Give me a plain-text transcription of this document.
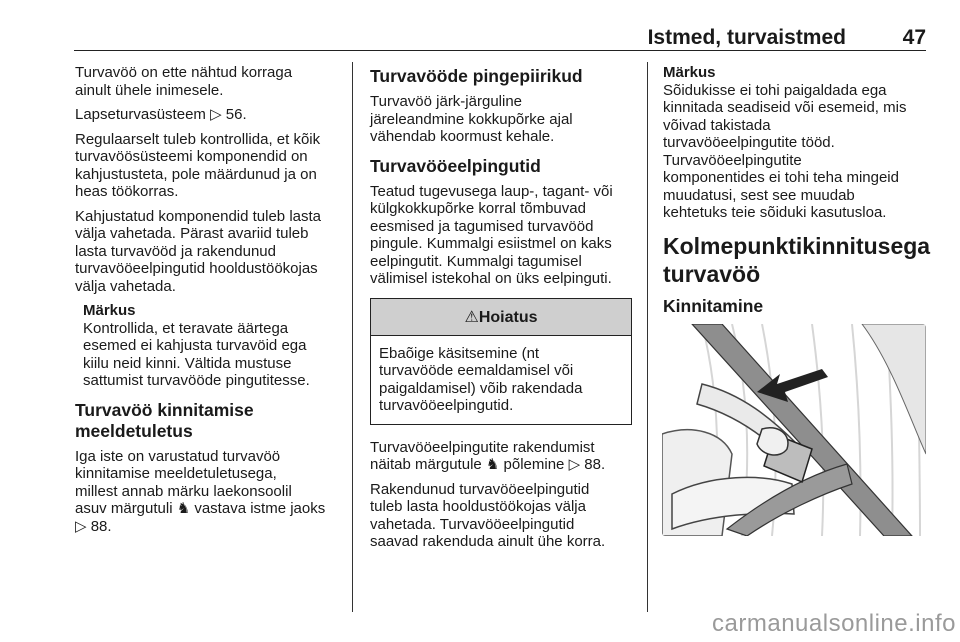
Istmed, turvaistmed	47

Turvavöö on ette nähtud korraga
ainult ühele inimesele.

Lapseturvasüsteem ▷ 56.

Regulaarselt tuleb kontrollida, et kõik
turvavöösüsteemi komponendid on
kahjustusteta, pole määrdunud ja on
heas töökorras.

Kahjustatud komponendid tuleb lasta
välja vahetada. Pärast avariid tuleb
lasta turvavööd ja rakendunud
turvavööeelpingutid hooldustöökojas
välja vahetada.

Märkus
Kontrollida, et teravate äärtega
esemed ei kahjusta turvavöid ega
kiilu neid kinni. Vältida mustuse
sattumist turvavööde pingutitesse.
Turvavöö kinnitamise
meeldetuletus

Iga iste on varustatud turvavöö
kinnitamise meeldetuletusega,
millest annab märku laekonsoolil
asuv märgutuli ♞ vastava istme jaoks
▷ 88.

Turvavööde pingepiirikud

Turvavöö järk-järguline
järeleandmine kokkupõrke ajal
vähendab koormust kehale.

Turvavööeelpingutid

Teatud tugevusega laup-, tagant- või
külgkokkupõrke korral tõmbuvad
eesmised ja tagumised turvavööd
pingule. Kummalgi esiistmel on kaks
eelpingutit. Kummalgi tagumisel
välimisel istekohal on üks eelpinguti.

⚠Hoiatus
Ebaõige käsitsemine (nt
turvavööde eemaldamisel või
paigaldamisel) võib rakendada
turvavööeelpingutid.

Turvavööeelpingutite rakendumist
näitab märgutule ♞ põlemine ▷ 88.

Rakendunud turvavööeelpingutid
tuleb lasta hooldustöökojas välja
vahetada. Turvavööeelpingutid
saavad rakenduda ainult ühe korra.

Märkus
Sõidukisse ei tohi paigaldada ega
kinnitada seadiseid või esemeid, mis
võivad takistada
turvavööeelpingutite tööd.
Turvavööeelpingutite
komponentides ei tohi teha mingeid
muudatusi, sest see muudab
kehtetuks teie sõiduki kasutusloa.
Kolmepunktikinnitusega
turvavöö
Kinnitamine
carmanualsonline.info
